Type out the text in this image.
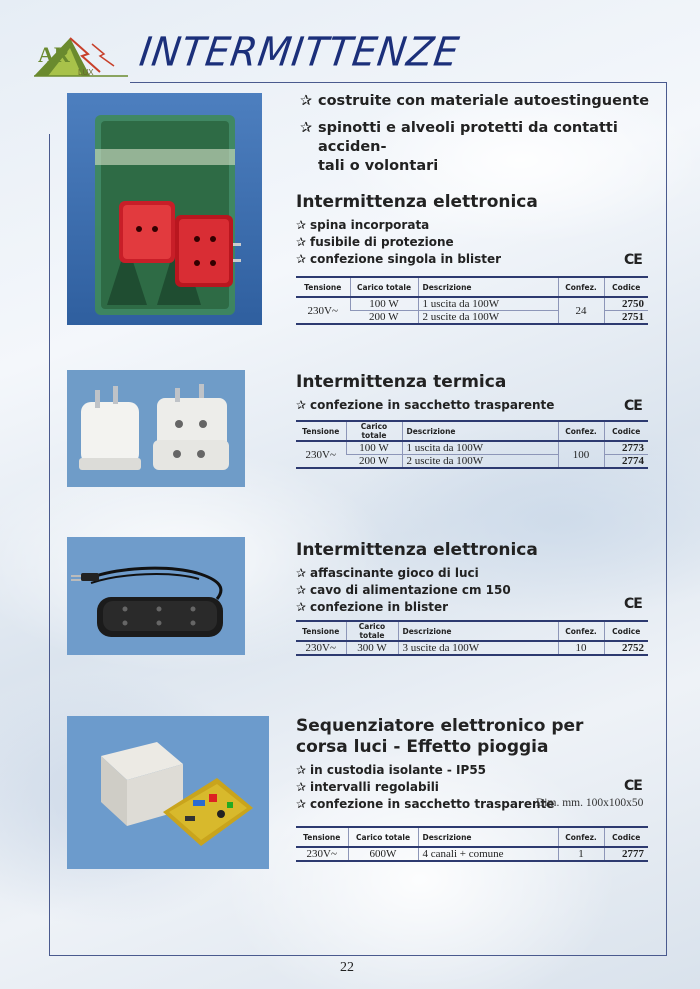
AR
LUX INTERMITTENZE
✰ costruite con materiale autoestinguente
✰ spinotti e alveoli protetti da contatti acciden-
tali o volontari
Intermittenza elettronica
✰ spina incorporata
✰ fusibile di protezione
✰ confezione singola in blister	CE
Tensione	Carico totale	Descrizione	Confez.	Codice
230V~	100 W	1 uscita da 100W	24	2750
	200 W	2 uscite da 100W		2751
Intermittenza termica
✰ confezione in sacchetto trasparente	CE
Tensione	Carico totale	Descrizione	Confez.	Codice
230V~	100 W	1 uscita da 100W	100	2773
	200 W	2 uscite da 100W		2774
Intermittenza elettronica
✰ affascinante gioco di luci
✰ cavo di alimentazione cm 150
✰ confezione in blister	CE
Tensione	Carico totale	Descrizione	Confez.	Codice
230V~	300 W	3 uscite da 100W	10	2752
Sequenziatore elettronico per
corsa luci - Effetto pioggia
✰ in custodia isolante - IP55
✰ intervalli regolabili
✰ confezione in sacchetto trasparente
CE
Dim. mm. 100x100x50
Tensione	Carico totale	Descrizione	Confez.	Codice
230V~	600W	4 canali + comune	1	2777
22
